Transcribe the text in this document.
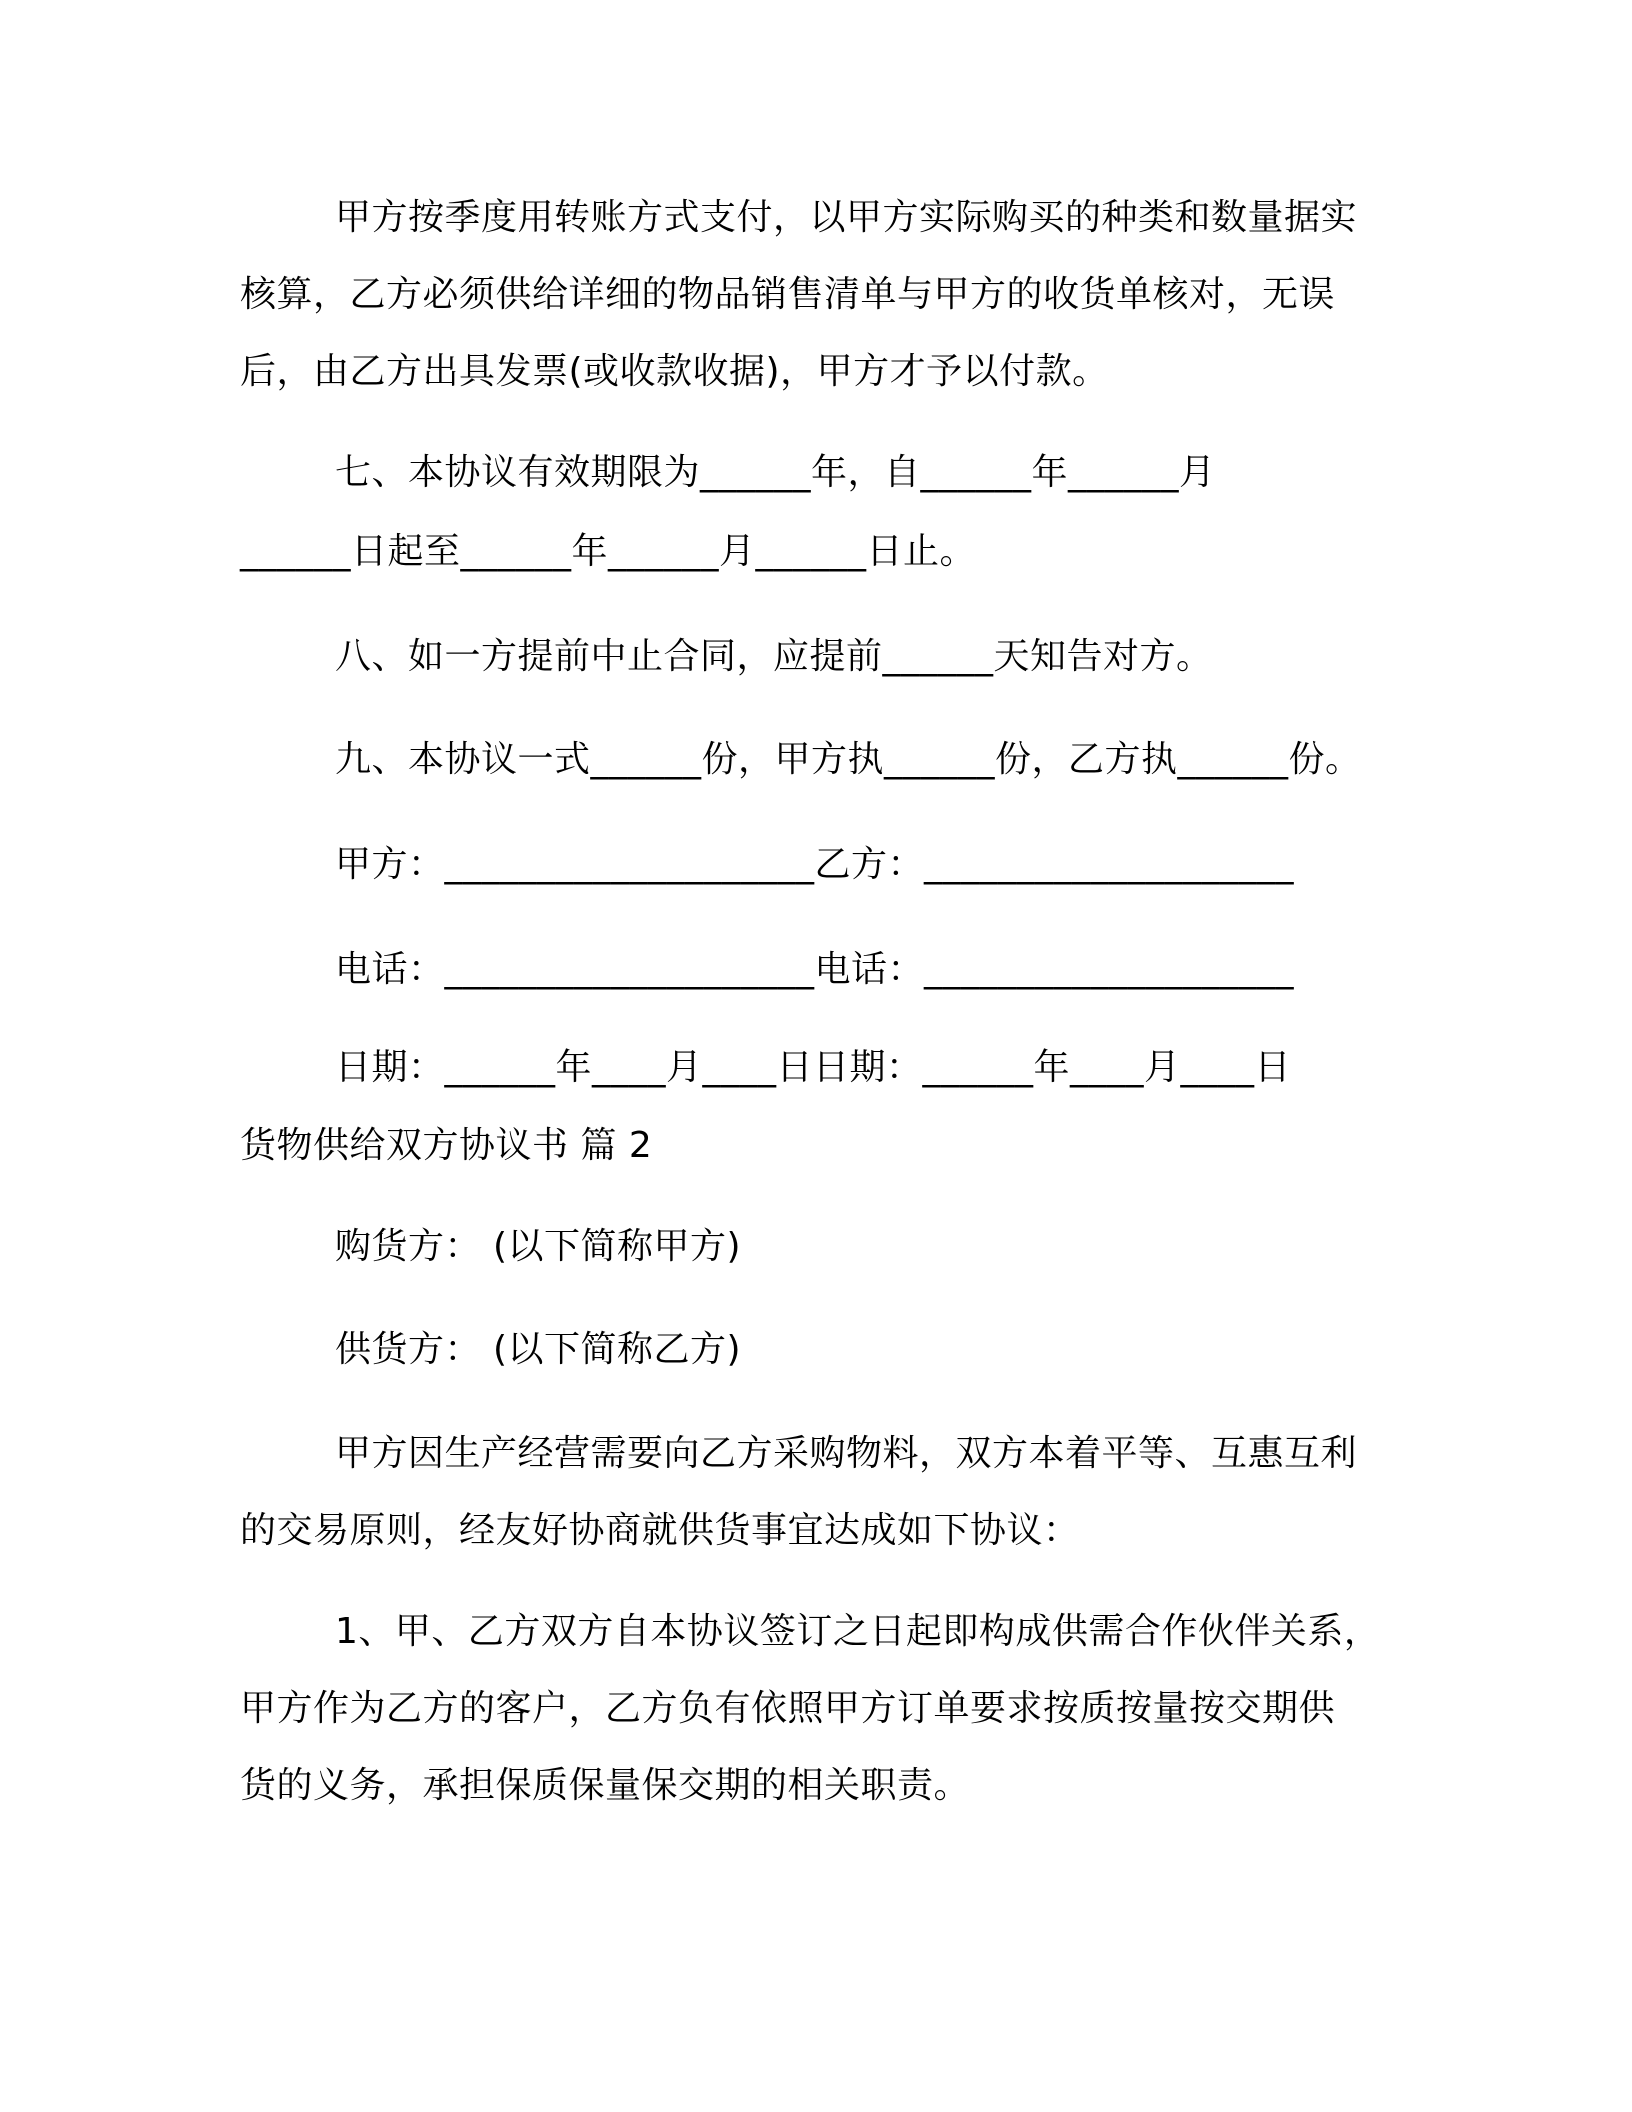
甲方按季度用转账方式支付，以甲方实际购买的种类和数量据实
核算，乙方必须供给详细的物品销售清单与甲方的收货单核对，无误
后，由乙方出具发票(或收款收据)，甲方才予以付款。
七、本协议有效期限为______年，自______年______月
______日起至______年______月______日止。
八、如一方提前中止合同，应提前______天知告对方。
九、本协议一式______份，甲方执______份，乙方执______份。
甲方：____________________乙方：____________________
电话：____________________电话：____________________
日期：______年____月____日日期：______年____月____日
货物供给双方协议书 篇 2
购货方： (以下简称甲方)
供货方： (以下简称乙方)
甲方因生产经营需要向乙方采购物料，双方本着平等、互惠互利
的交易原则，经友好协商就供货事宜达成如下协议：
1、甲、乙方双方自本协议签订之日起即构成供需合作伙伴关系，
甲方作为乙方的客户，乙方负有依照甲方订单要求按质按量按交期供
货的义务，承担保质保量保交期的相关职责。
